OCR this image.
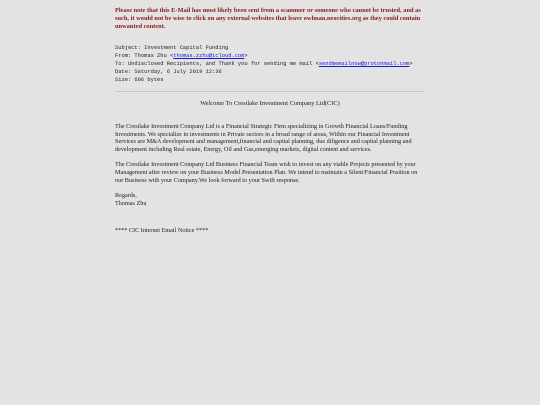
Please note that this E-Mail has most likely been sent from a scammer or someone who cannot be trusted, and as such, it would not be wise to click on any external websites that leave owlman.neocities.org as they could contain unwanted content.

Subject: Investment Capital Funding
From: Thomas Zhu <thomas.zzhu@icloud.com>
To: Undisclosed Recipients, and Thank you for sending me mail <sendmemailnow@protonmail.com>
Date: Saturday, 6 July 2019 12:36
Size: 606 bytes
Welcome To Crestlake Investment Company Ltd(CIC)

The Crestlake Investment Company Ltd is a Financial Strategic Firm specializing in Growth Financial Loans/Funding Investments. We specialize in investments in Private sectors in a broad range of areas, Within our Financial Investment Services are M&A development and management,financial and capital planning, due diligence and capital planning and development including Real estate, Energy, Oil and Gas,emerging markets, digital content and services.

The Crestlake Investment Company Ltd Business Financial Team wish to invest on any viable Projects presented by your Management after review on your Business Model Presentation Plan. We intend to maintain a Silent/Financial Position on our Business with your Company.We look forward to your Swift response.

Regards,
Thomas Zhu

**** CIC Internet Email Notice ****
